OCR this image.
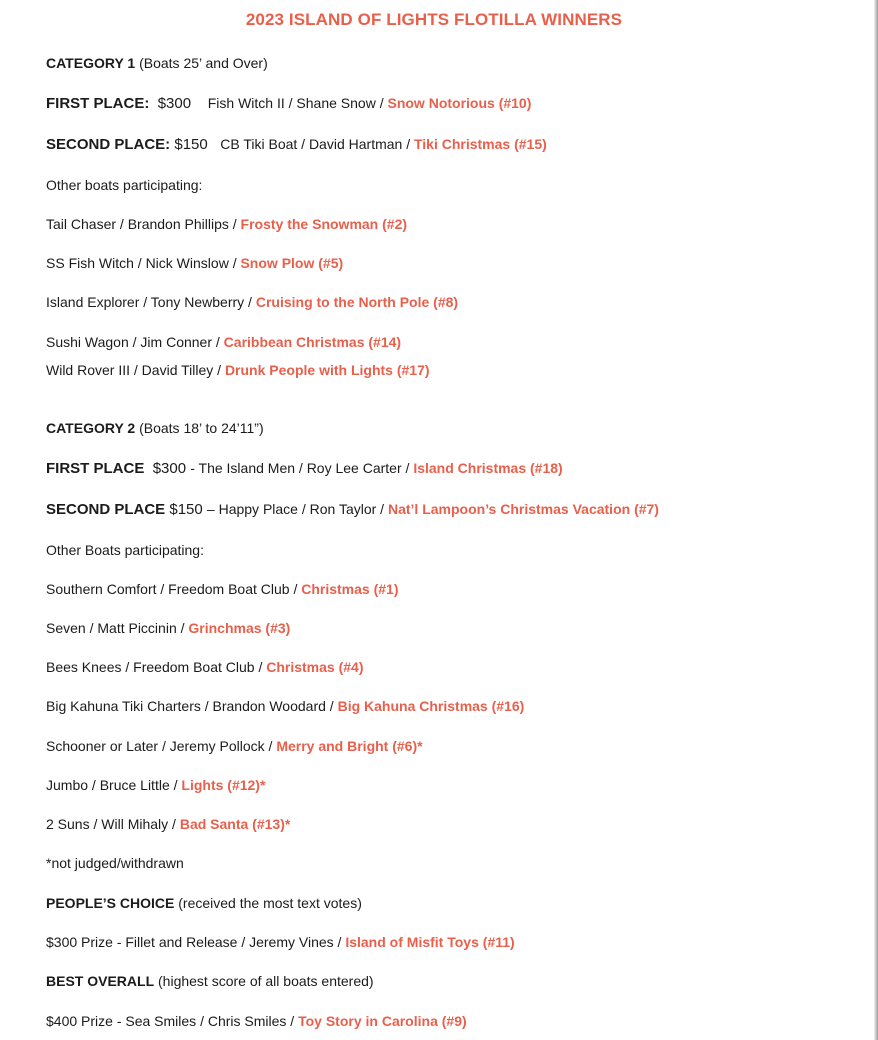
2023 ISLAND OF LIGHTS FLOTILLA WINNERS
CATEGORY 1 (Boats 25’ and Over)
FIRST PLACE: $300 Fish Witch II / Shane Snow / Snow Notorious (#10)
SECOND PLACE: $150 CB Tiki Boat / David Hartman / Tiki Christmas (#15)
Other boats participating:
Tail Chaser / Brandon Phillips / Frosty the Snowman (#2)
SS Fish Witch / Nick Winslow / Snow Plow (#5)
Island Explorer / Tony Newberry / Cruising to the North Pole (#8)
Sushi Wagon / Jim Conner / Caribbean Christmas (#14)
Wild Rover III / David Tilley / Drunk People with Lights (#17)
CATEGORY 2 (Boats 18’ to 24’11”)
FIRST PLACE $300 - The Island Men / Roy Lee Carter / Island Christmas (#18)
SECOND PLACE $150 – Happy Place / Ron Taylor / Nat’l Lampoon’s Christmas Vacation (#7)
Other Boats participating:
Southern Comfort / Freedom Boat Club / Christmas (#1)
Seven / Matt Piccinin / Grinchmas (#3)
Bees Knees / Freedom Boat Club / Christmas (#4)
Big Kahuna Tiki Charters / Brandon Woodard / Big Kahuna Christmas (#16)
Schooner or Later / Jeremy Pollock / Merry and Bright (#6)*
Jumbo / Bruce Little / Lights (#12)*
2 Suns / Will Mihaly / Bad Santa (#13)*
*not judged/withdrawn
PEOPLE’S CHOICE (received the most text votes)
$300 Prize - Fillet and Release / Jeremy Vines / Island of Misfit Toys (#11)
BEST OVERALL (highest score of all boats entered)
$400 Prize - Sea Smiles / Chris Smiles / Toy Story in Carolina (#9)
